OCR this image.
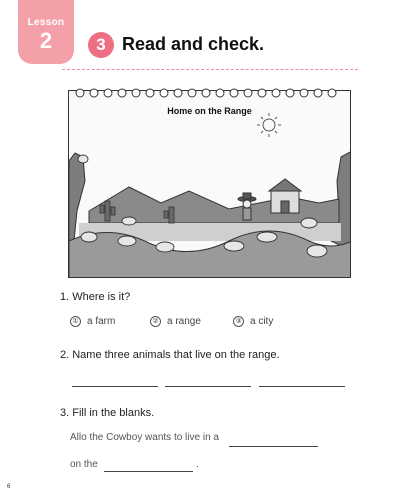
Lesson
2	3 Read and check.
Home on the Range
1. Where is it?
① a farm	② a range	③ a city
2. Name three animals that live on the range.
3. Fill in the blanks.
Allo the Cowboy wants to live in a
on the	.
6
